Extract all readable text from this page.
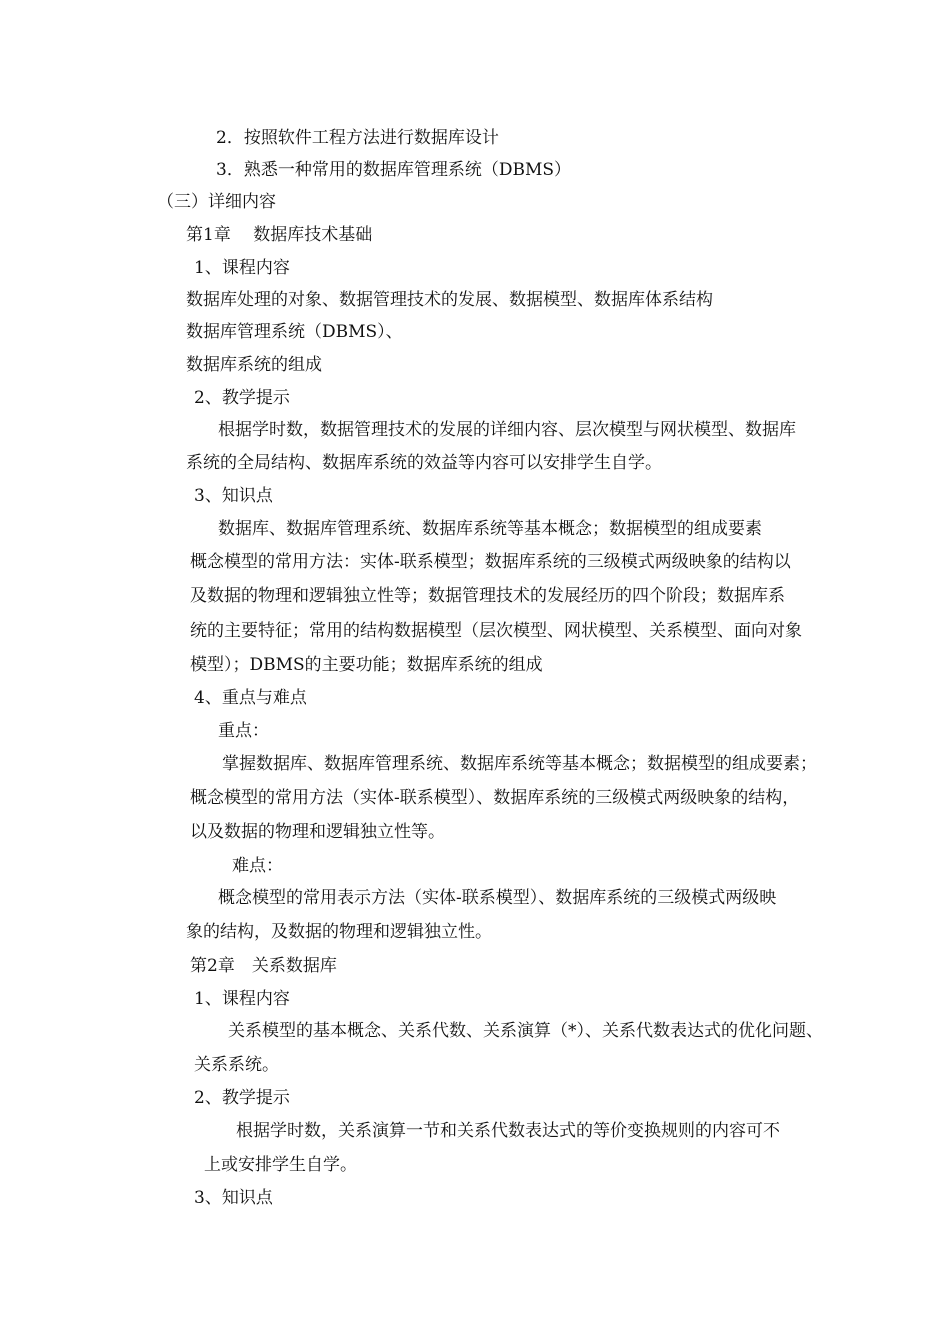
2．按照软件工程方法进行数据库设计
3．熟悉一种常用的数据库管理系统（DBMS）
（三）详细内容
第1章　 数据库技术基础
1、课程内容
数据库处理的对象、数据管理技术的发展、数据模型、数据库体系结构
数据库管理系统（DBMS）、
数据库系统的组成
2、教学提示
根据学时数，数据管理技术的发展的详细内容、层次模型与网状模型、数据库
系统的全局结构、数据库系统的效益等内容可以安排学生自学。
3、知识点
数据库、数据库管理系统、数据库系统等基本概念；数据模型的组成要素
概念模型的常用方法：实体-联系模型；数据库系统的三级模式两级映象的结构以
及数据的物理和逻辑独立性等；数据管理技术的发展经历的四个阶段；数据库系
统的主要特征；常用的结构数据模型（层次模型、网状模型、关系模型、面向对象
模型）；DBMS的主要功能；数据库系统的组成
4、重点与难点
重点：
掌握数据库、数据库管理系统、数据库系统等基本概念；数据模型的组成要素；
概念模型的常用方法（实体-联系模型）、数据库系统的三级模式两级映象的结构，
以及数据的物理和逻辑独立性等。
难点：
概念模型的常用表示方法（实体-联系模型）、数据库系统的三级模式两级映
象的结构，及数据的物理和逻辑独立性。
第2章　关系数据库
1、课程内容
关系模型的基本概念、关系代数、关系演算（*）、关系代数表达式的优化问题、
关系系统。
2、教学提示
根据学时数，关系演算一节和关系代数表达式的等价变换规则的内容可不
上或安排学生自学。
3、知识点
